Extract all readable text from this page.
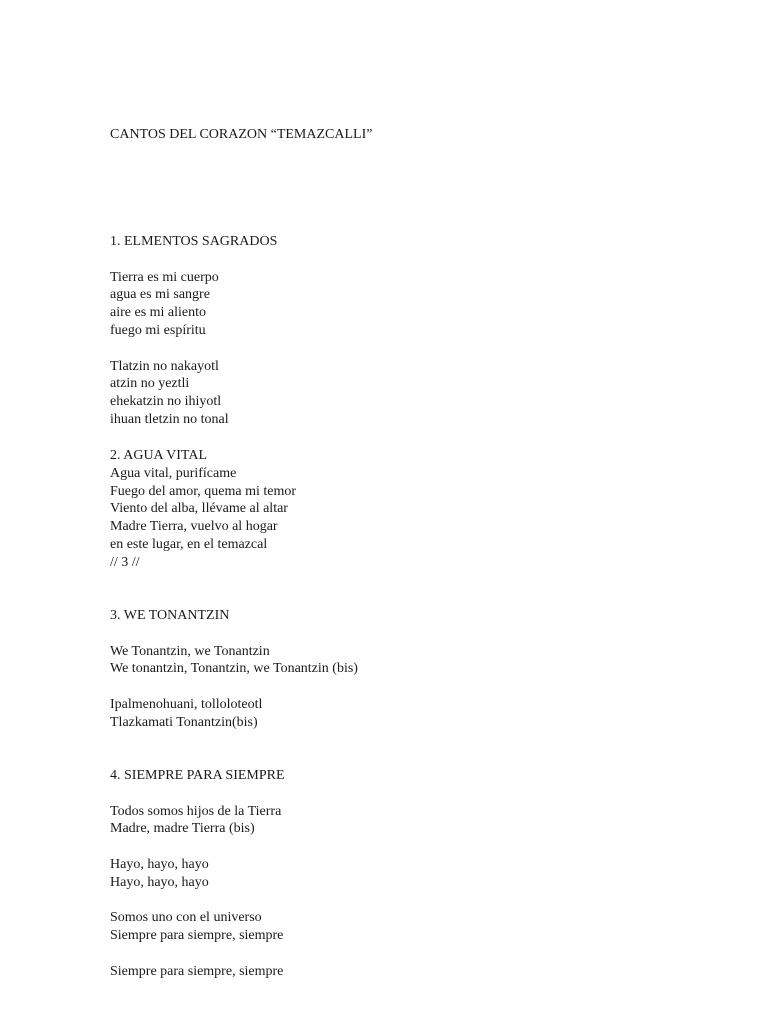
CANTOS DEL CORAZON “TEMAZCALLI”
1. ELMENTOS SAGRADOS
Tierra es mi cuerpo
agua es mi sangre
aire es mi aliento
fuego mi espíritu
Tlatzin no nakayotl
atzin no yeztli
ehekatzin no ihiyotl
ihuan tletzin no tonal
2. AGUA VITAL
Agua vital, purifícame
Fuego del amor, quema mi temor
Viento del alba, llévame al altar
Madre Tierra, vuelvo al hogar
en este lugar, en el temazcal
// 3 //
3. WE TONANTZIN
We Tonantzin, we Tonantzin
We tonantzin, Tonantzin, we Tonantzin (bis)
Ipalmenohuani, tolloloteotl
Tlazkamati Tonantzin(bis)
4. SIEMPRE PARA SIEMPRE
Todos somos hijos de la Tierra
Madre, madre Tierra (bis)
Hayo, hayo, hayo
Hayo, hayo, hayo
Somos uno con el universo
Siempre para siempre, siempre
Siempre para siempre, siempre
